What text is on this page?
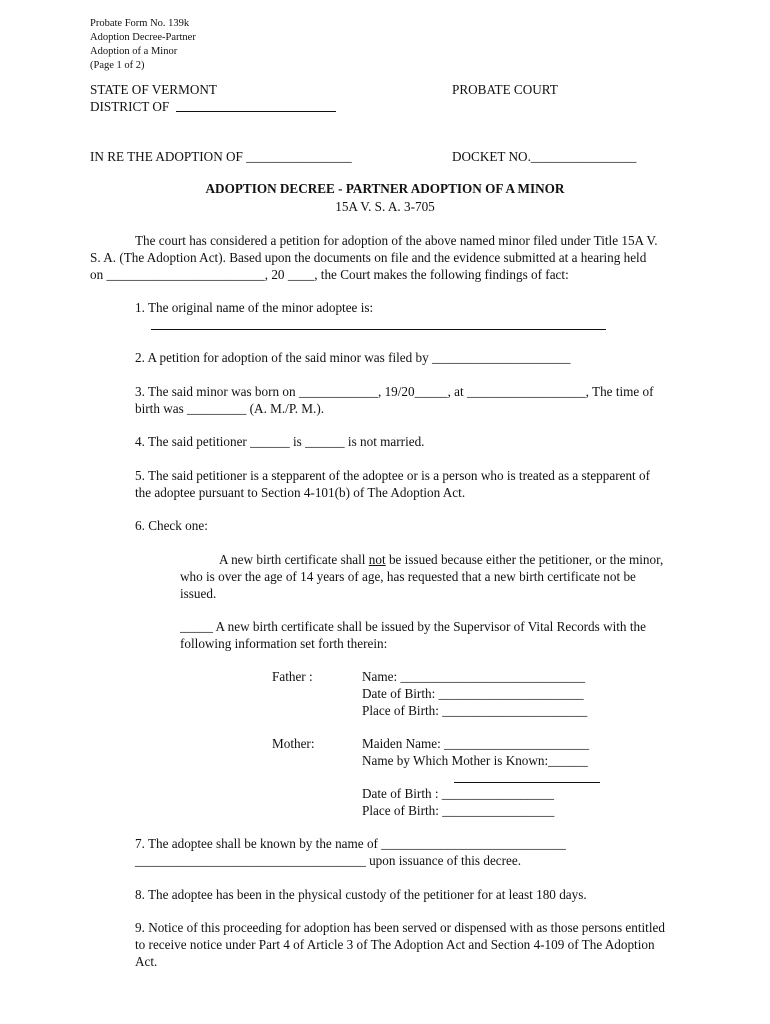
Probate Form No. 139k
Adoption Decree-Partner
Adoption of a Minor
(Page 1 of 2)
STATE OF VERMONT	PROBATE COURT
DISTRICT OF
IN RE THE ADOPTION OF ________________	DOCKET NO.________________
ADOPTION DECREE - PARTNER ADOPTION OF A MINOR
15A V. S. A. 3-705
The court has considered a petition for adoption of the above named minor filed under Title 15A V.
S. A. (The Adoption Act). Based upon the documents on file and the evidence submitted at a hearing held
on ________________________, 20 ____, the Court makes the following findings of fact:
1. The original name of the minor adoptee is:
2. A petition for adoption of the said minor was filed by _____________________
3. The said minor was born on ____________, 19/20_____, at __________________, The time of
birth was _________ (A. M./P. M.).
4. The said petitioner ______ is ______ is not married.
5. The said petitioner is a stepparent of the adoptee or is a person who is treated as a stepparent of
the adoptee pursuant to Section 4-101(b) of The Adoption Act.
6. Check one:
A new birth certificate shall not be issued because either the petitioner, or the minor,
who is over the age of 14 years of age, has requested that a new birth certificate not be
issued.
_____ A new birth certificate shall be issued by the Supervisor of Vital Records with the
following information set forth therein:
Father :	Name: ____________________________
Date of Birth: ______________________
Place of Birth: ______________________
Mother:	Maiden Name: ______________________
Name by Which Mother is Known:______
Date of Birth : _________________
Place of Birth: _________________
7. The adoptee shall be known by the name of ____________________________
___________________________________ upon issuance of this decree.
8. The adoptee has been in the physical custody of the petitioner for at least 180 days.
9. Notice of this proceeding for adoption has been served or dispensed with as those persons entitled
to receive notice under Part 4 of Article 3 of The Adoption Act and Section 4-109 of The Adoption
Act.
